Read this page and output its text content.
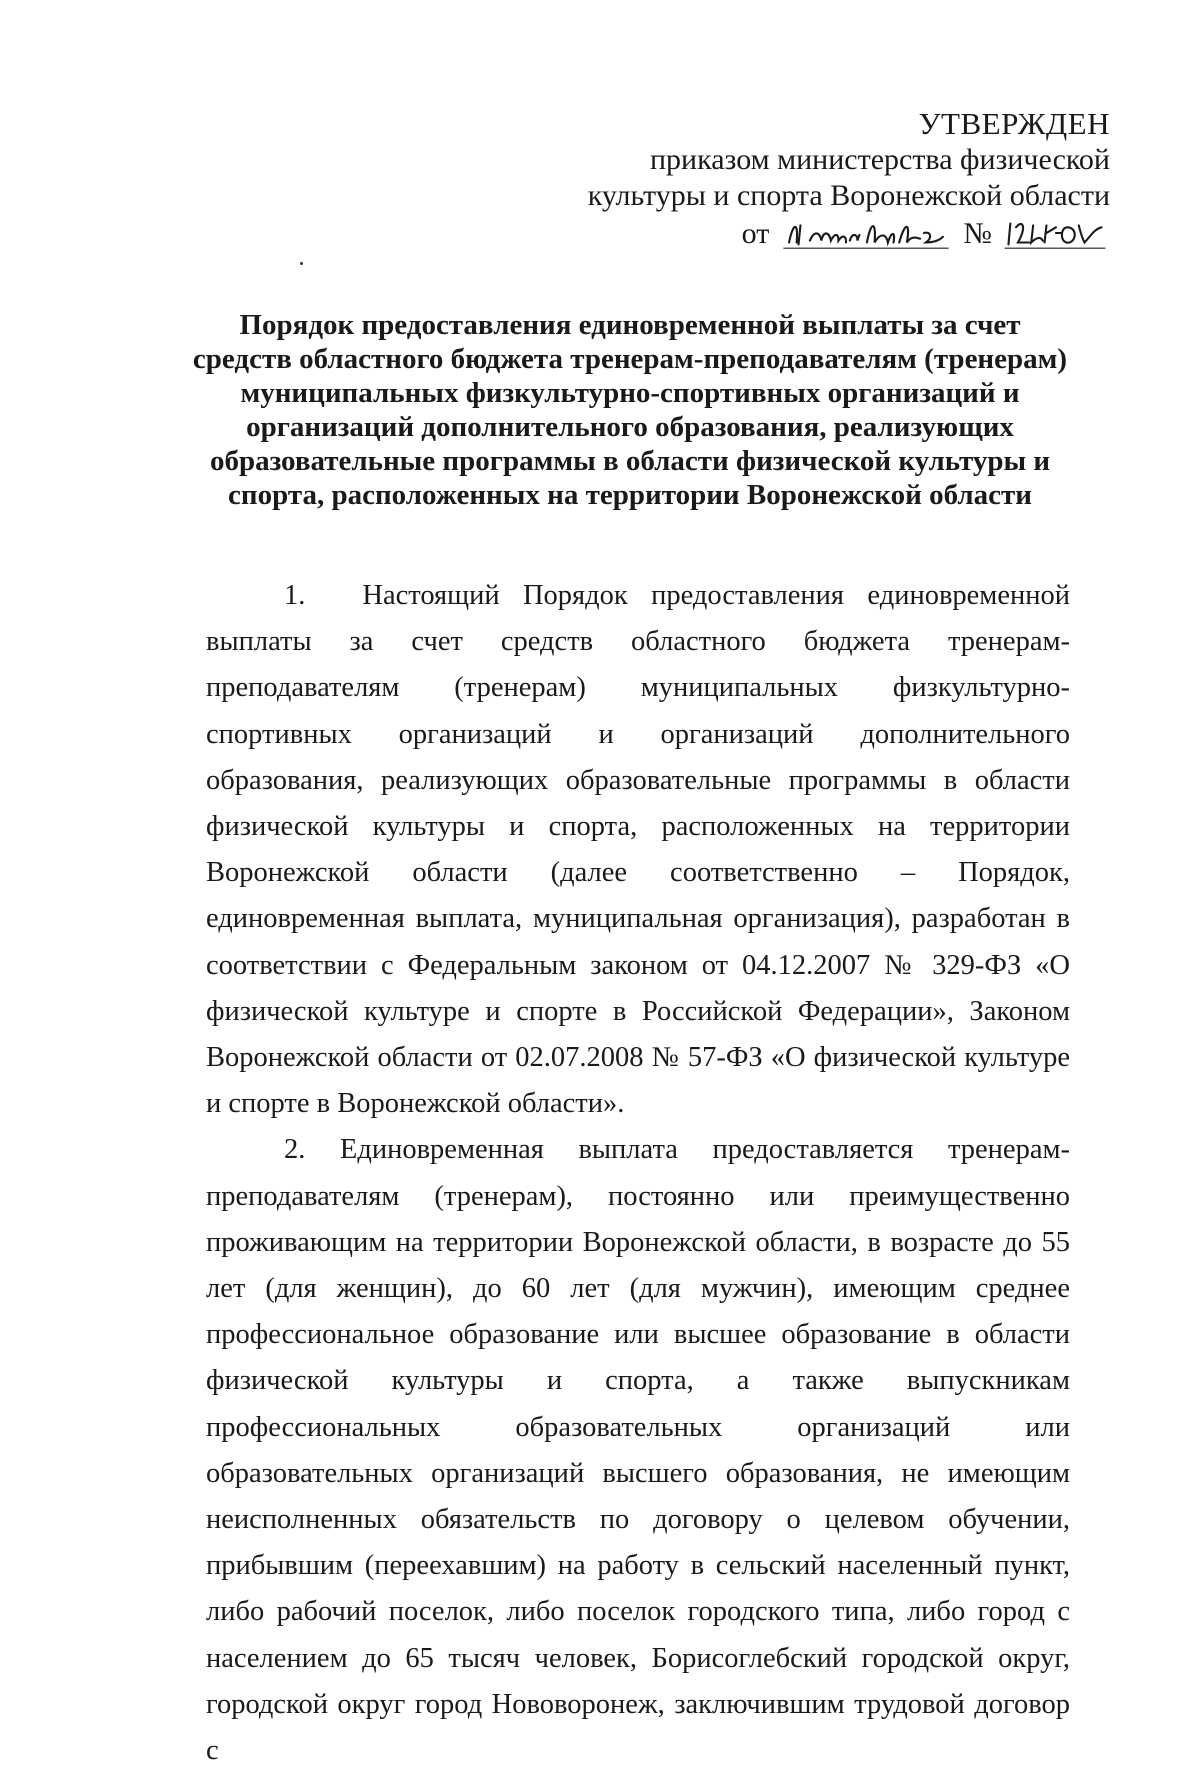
УТВЕРЖДЕН
приказом министерства физической
культуры и спорта Воронежской области
от	№
Порядок предоставления единовременной выплаты за счет средств областного бюджета тренерам-преподавателям (тренерам) муниципальных физкультурно-спортивных организаций и организаций дополнительного образования, реализующих образовательные программы в области физической культуры и спорта, расположенных на территории Воронежской области

1.  Настоящий Порядок предоставления единовременной выплаты за счет средств областного бюджета тренерам-преподавателям (тренерам) муниципальных физкультурно-спортивных организаций и организаций дополнительного образования, реализующих образовательные программы в области физической культуры и спорта, расположенных на территории Воронежской области (далее соответственно – Порядок, единовременная выплата, муниципальная организация), разработан в соответствии с Федеральным законом от 04.12.2007 № 329-ФЗ «О физической культуре и спорте в Российской Федерации», Законом Воронежской области от 02.07.2008 № 57-ФЗ «О физической культуре и спорте в Воронежской области».

2. Единовременная выплата предоставляется тренерам-преподавателям (тренерам), постоянно или преимущественно проживающим на территории Воронежской области, в возрасте до 55 лет (для женщин), до 60 лет (для мужчин), имеющим среднее профессиональное образование или высшее образование в области физической культуры и спорта, а также выпускникам профессиональных образовательных организаций или образовательных организаций высшего образования, не имеющим неисполненных обязательств по договору о целевом обучении, прибывшим (переехавшим) на работу в сельский населенный пункт, либо рабочий поселок, либо поселок городского типа, либо город с населением до 65 тысяч человек, Борисоглебский городской округ, городской округ город Нововоронеж, заключившим трудовой договор с
